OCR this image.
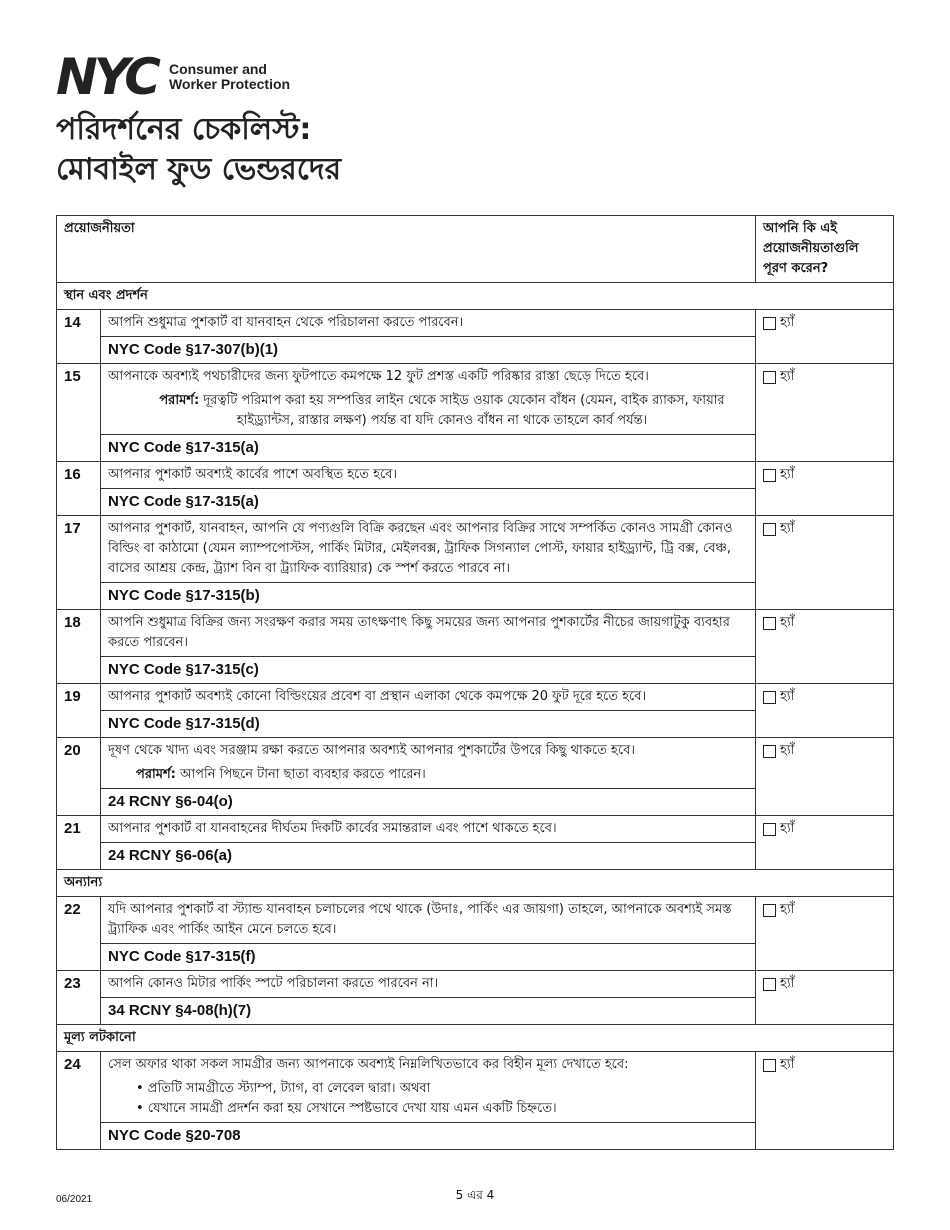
NYC Consumer and
Worker Protection
পরিদর্শনের চেকলিস্ট:
মোবাইল ফুড ভেন্ডরদের
প্রয়োজনীয়তা		আপনি কি এই প্রয়োজনীয়তাগুলি পূরণ করেন?
স্থান এবং প্রদর্শন		
14	আপনি শুধুমাত্র পুশকার্ট বা যানবাহন থেকে পরিচালনা করতে পারবেন।	হ্যাঁ

	NYC Code §17-307(b)(1)	
15	আপনাকে অবশ্যই পথচারীদের জন্য ফুটপাতে কমপক্ষে 12 ফুট প্রশস্ত একটি পরিষ্কার রাস্তা ছেড়ে দিতে হবে।
পরামর্শ: দূরত্বটি পরিমাপ করা হয় সম্পত্তির লাইন থেকে সাইড ওয়াক যেকোন বাঁধন (যেমন, বাইক র‍্যাকস, ফায়ার হাইড্র্যান্টস, রাস্তার লক্ষণ) পর্যন্ত বা যদি কোনও বাঁধন না থাকে তাহলে কার্ব পর্যন্ত।	হ্যাঁ

	NYC Code §17-315(a)	
16	আপনার পুশকার্ট অবশ্যই কার্বের পাশে অবস্থিত হতে হবে।	হ্যাঁ

	NYC Code §17-315(a)	
17	আপনার পুশকার্ট, যানবাহন, আপনি যে পণ্যগুলি বিক্রি করছেন এবং আপনার বিক্রির সাথে সম্পর্কিত কোনও সামগ্রী কোনও বিল্ডিং বা কাঠামো (যেমন ল্যাম্পপোস্টস, পার্কিং মিটার, মেইলবক্স, ট্রাফিক সিগন্যাল পোস্ট, ফায়ার হাইড্র্যান্ট, ট্রি বক্স, বেঞ্চ, বাসের আশ্রয় কেন্দ্র, ট্র্যাশ বিন বা ট্র্যাফিক ব্যারিয়ার) কে স্পর্শ করতে পারবে না।	হ্যাঁ

	NYC Code §17-315(b)	
18	আপনি শুধুমাত্র বিক্রির জন্য সংরক্ষণ করার সময় তাৎক্ষণাৎ কিছু সময়ের জন্য আপনার পুশকার্টের নীচের জায়গাটুকু ব্যবহার করতে পারবেন।	হ্যাঁ

	NYC Code §17-315(c)	
19	আপনার পুশকার্ট অবশ্যই কোনো বিল্ডিংয়ের প্রবেশ বা প্রস্থান এলাকা থেকে কমপক্ষে 20 ফুট দূরে হতে হবে।	হ্যাঁ

	NYC Code §17-315(d)	
20	দূষণ থেকে খাদ্য এবং সরঞ্জাম রক্ষা করতে আপনার অবশ্যই আপনার পুশকার্টের উপরে কিছু থাকতে হবে।
পরামর্শ: আপনি পিছনে টানা ছাতা ব্যবহার করতে পারেন।	হ্যাঁ

	24 RCNY §6-04(o)	
21	আপনার পুশকার্ট বা যানবাহনের দীর্ঘতম দিকটি কার্বের সমান্তরাল এবং পাশে থাকতে হবে।	হ্যাঁ

	24 RCNY §6-06(a)	
অন্যান্য		
22	যদি আপনার পুশকার্ট বা স্ট্যান্ড যানবাহন চলাচলের পথে থাকে (উদাঃ, পার্কিং এর জায়গা) তাহলে, আপনাকে অবশ্যই সমস্ত ট্র্যাফিক এবং পার্কিং আইন মেনে চলতে হবে।	হ্যাঁ

	NYC Code §17-315(f)	
23	আপনি কোনও মিটার পার্কিং স্পটে পরিচালনা করতে পারবেন না।	হ্যাঁ

	34 RCNY §4-08(h)(7)	
মূল্য লটকানো		
24	সেল অফার থাকা সকল সামগ্রীর জন্য আপনাকে অবশ্যই নিম্নলিখিতভাবে কর বিহীন মূল্য দেখাতে হবে:
• প্রতিটি সামগ্রীতে স্ট্যাম্প, ট্যাগ, বা লেবেল দ্বারা। অথবা
• যেখানে সামগ্রী প্রদর্শন করা হয় সেখানে স্পষ্টভাবে দেখা যায় এমন একটি চিহ্নতে।	হ্যাঁ

	NYC Code §20-708	
06/2021	5 এর 4
